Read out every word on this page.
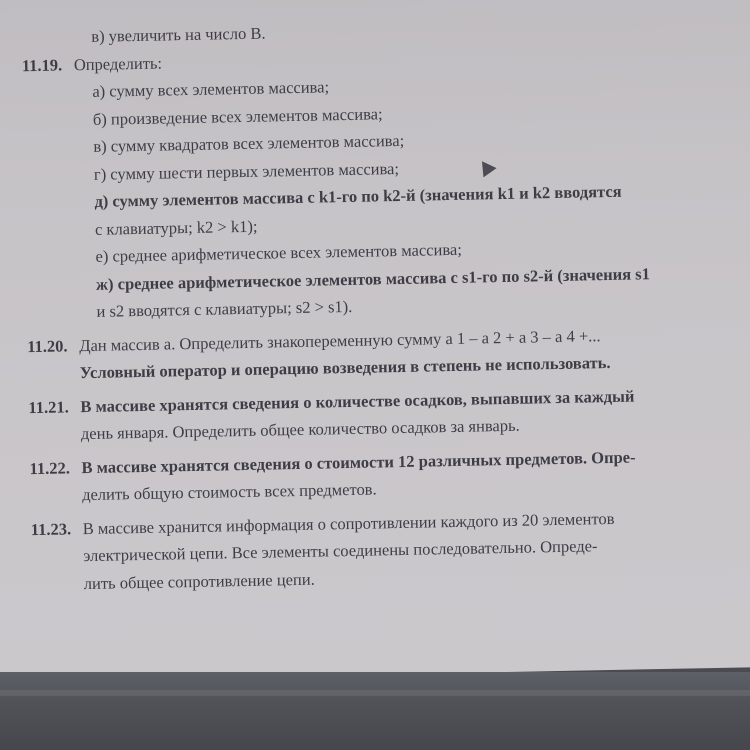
в) увеличить на число B.
11.19. Определить:
а) сумму всех элементов массива;
б) произведение всех элементов массива;
в) сумму квадратов всех элементов массива;
г) сумму шести первых элементов массива;
д) сумму элементов массива с k1-го по k2-й (значения k1 и k2 вводятся
с клавиатуры; k2 > k1);
е) среднее арифметическое всех элементов массива;
ж) среднее арифметическое элементов массива с s1-го по s2-й (значения s1
и s2 вводятся с клавиатуры; s2 > s1).
11.20. Дан массив a. Определить знакопеременную сумму a 1 – a 2 + a 3 – a 4 +...
Условный оператор и операцию возведения в степень не использовать.
11.21. В массиве хранятся сведения о количестве осадков, выпавших за каждый
день января. Определить общее количество осадков за январь.
11.22. В массиве хранятся сведения о стоимости 12 различных предметов. Опре-
делить общую стоимость всех предметов.
11.23. В массиве хранится информация о сопротивлении каждого из 20 элементов
электрической цепи. Все элементы соединены последовательно. Опреде-
лить общее сопротивление цепи.
